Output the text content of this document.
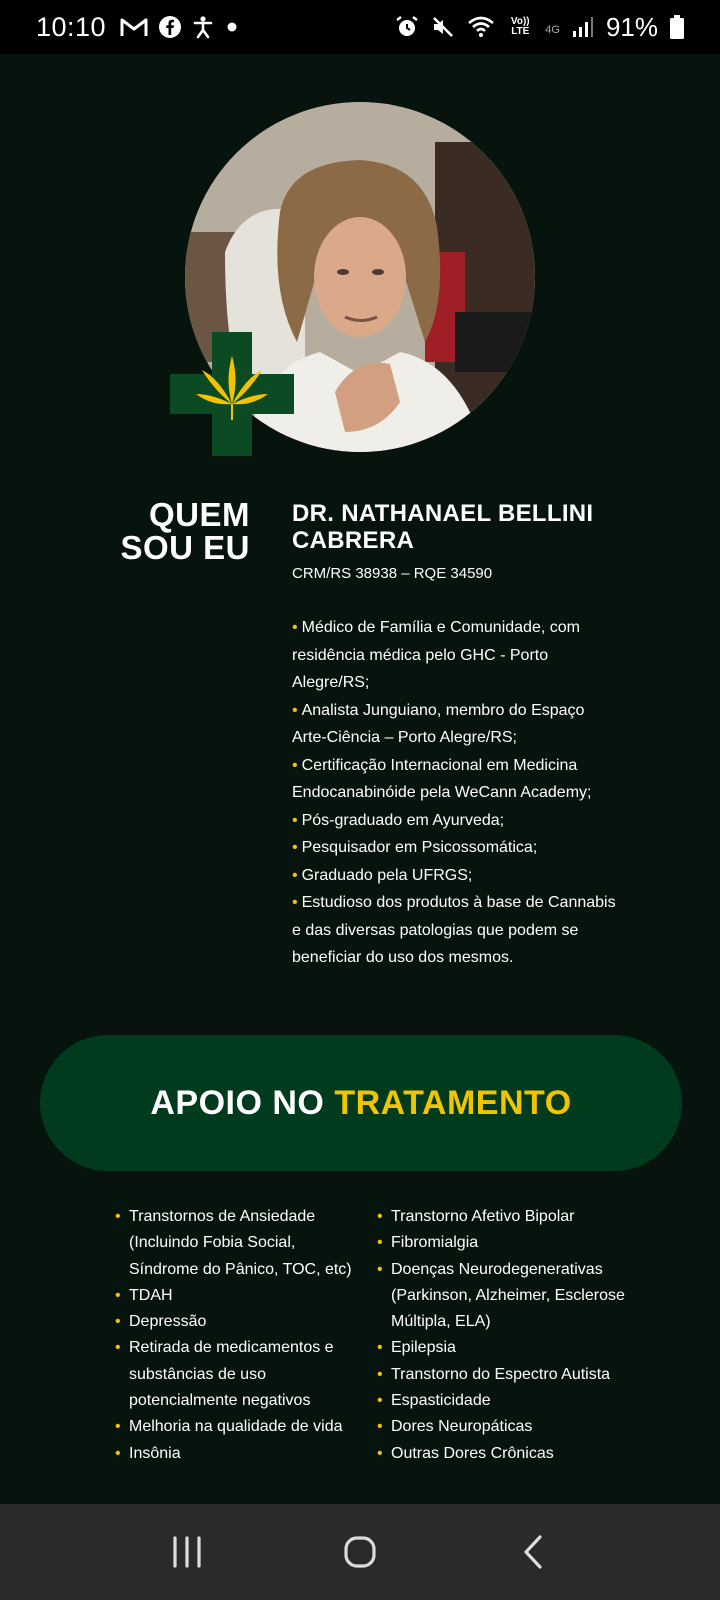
10:10	Vo)) LTE	4G 91%
QUEM SOU EU
DR. NATHANAEL BELLINI CABRERA
CRM/RS 38938 – RQE 34590
• Médico de Família e Comunidade, com residência médica pelo GHC - Porto Alegre/RS;
• Analista Junguiano, membro do Espaço Arte-Ciência – Porto Alegre/RS;
• Certificação Internacional em Medicina Endocanabinóide pela WeCann Academy;
• Pós-graduado em Ayurveda;
• Pesquisador em Psicossomática;
• Graduado pela UFRGS;
• Estudioso dos produtos à base de Cannabis e das diversas patologias que podem se beneficiar do uso dos mesmos.
APOIO NO TRATAMENTO
• Transtornos de Ansiedade (Incluindo Fobia Social, Síndrome do Pânico, TOC, etc)
• TDAH
• Depressão
• Retirada de medicamentos e substâncias de uso potencialmente negativos
• Melhoria na qualidade de vida
• Insônia
• Transtorno Afetivo Bipolar
• Fibromialgia
• Doenças Neurodegenerativas (Parkinson, Alzheimer, Esclerose Múltipla, ELA)
• Epilepsia
• Transtorno do Espectro Autista
• Espasticidade
• Dores Neuropáticas
• Outras Dores Crônicas
